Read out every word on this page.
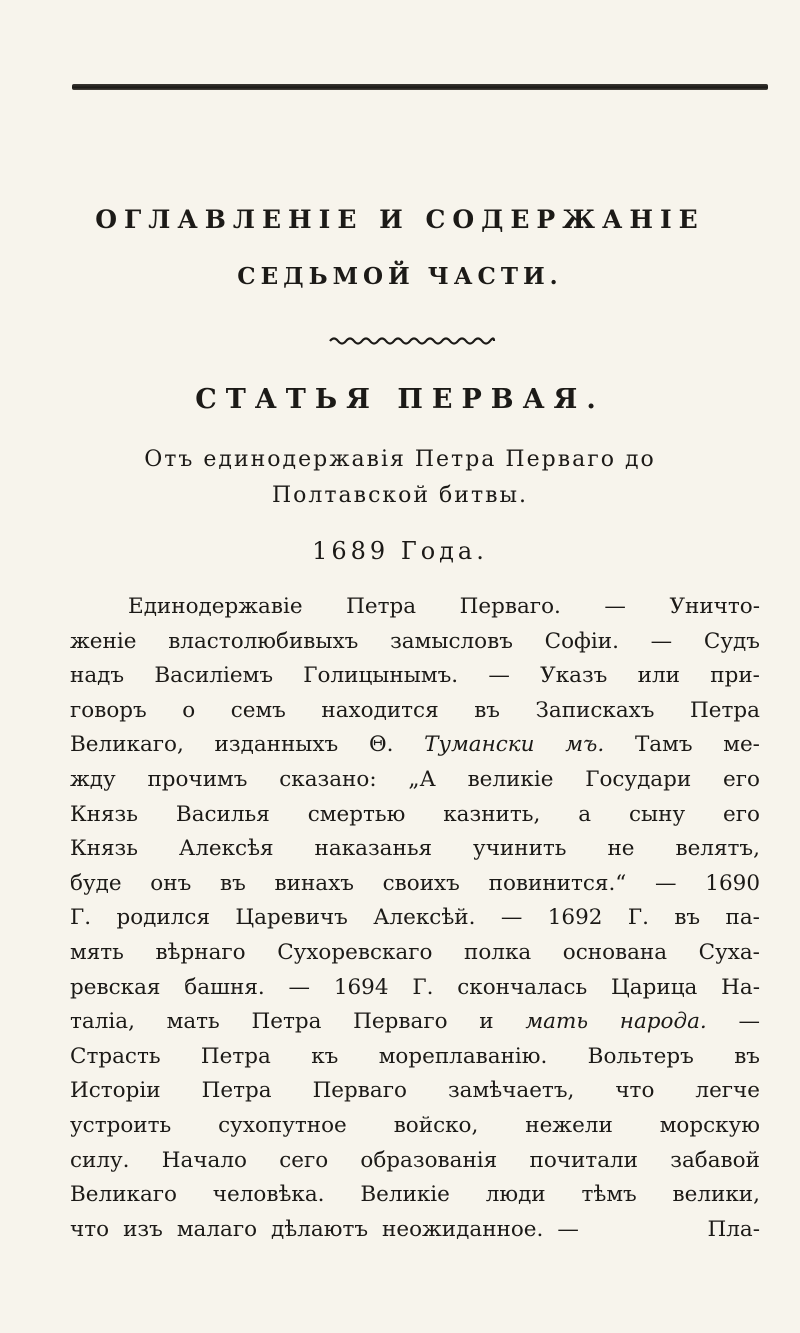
ОГЛАВЛЕНІЕ И СОДЕРЖАНІЕ
СЕДЬМОЙ ЧАСТИ.
СТАТЬЯ ПЕРВАЯ.
Отъ единодержавія Петра Перваго до
Полтавской битвы.
1689 Года.
Единодержавіе Петра Перваго. — Уничто-
женіе властолюбивыхъ замысловъ Софіи. — Судъ
надъ Василіемъ Голицынымъ. — Указъ или при-
говоръ о семъ находится въ Запискахъ Петра
Великаго, изданныхъ Θ. Тумански мъ. Тамъ ме-
жду прочимъ сказано: „А великіе Государи его
Князь Василья смертью казнить, а сыну его
Князь Алексѣя наказанья учинить не велятъ,
буде онъ въ винахъ своихъ повинится.“ — 1690
Г. родился Царевичъ Алексѣй. — 1692 Г. въ па-
мять вѣрнаго Сухоревскаго полка основана Суха-
ревская башня. — 1694 Г. скончалась Царица На-
таліа, мать Петра Перваго и мать народа. —
Страсть Петра къ мореплаванію. Вольтеръ въ
Исторіи Петра Перваго замѣчаетъ, что легче
устроить сухопутное войско, нежели морскую
силу. Начало сего образованія почитали забавой
Великаго человѣка. Великіе люди тѣмъ велики,
что изъ малаго дѣлаютъ неожиданное. —	Пла-
